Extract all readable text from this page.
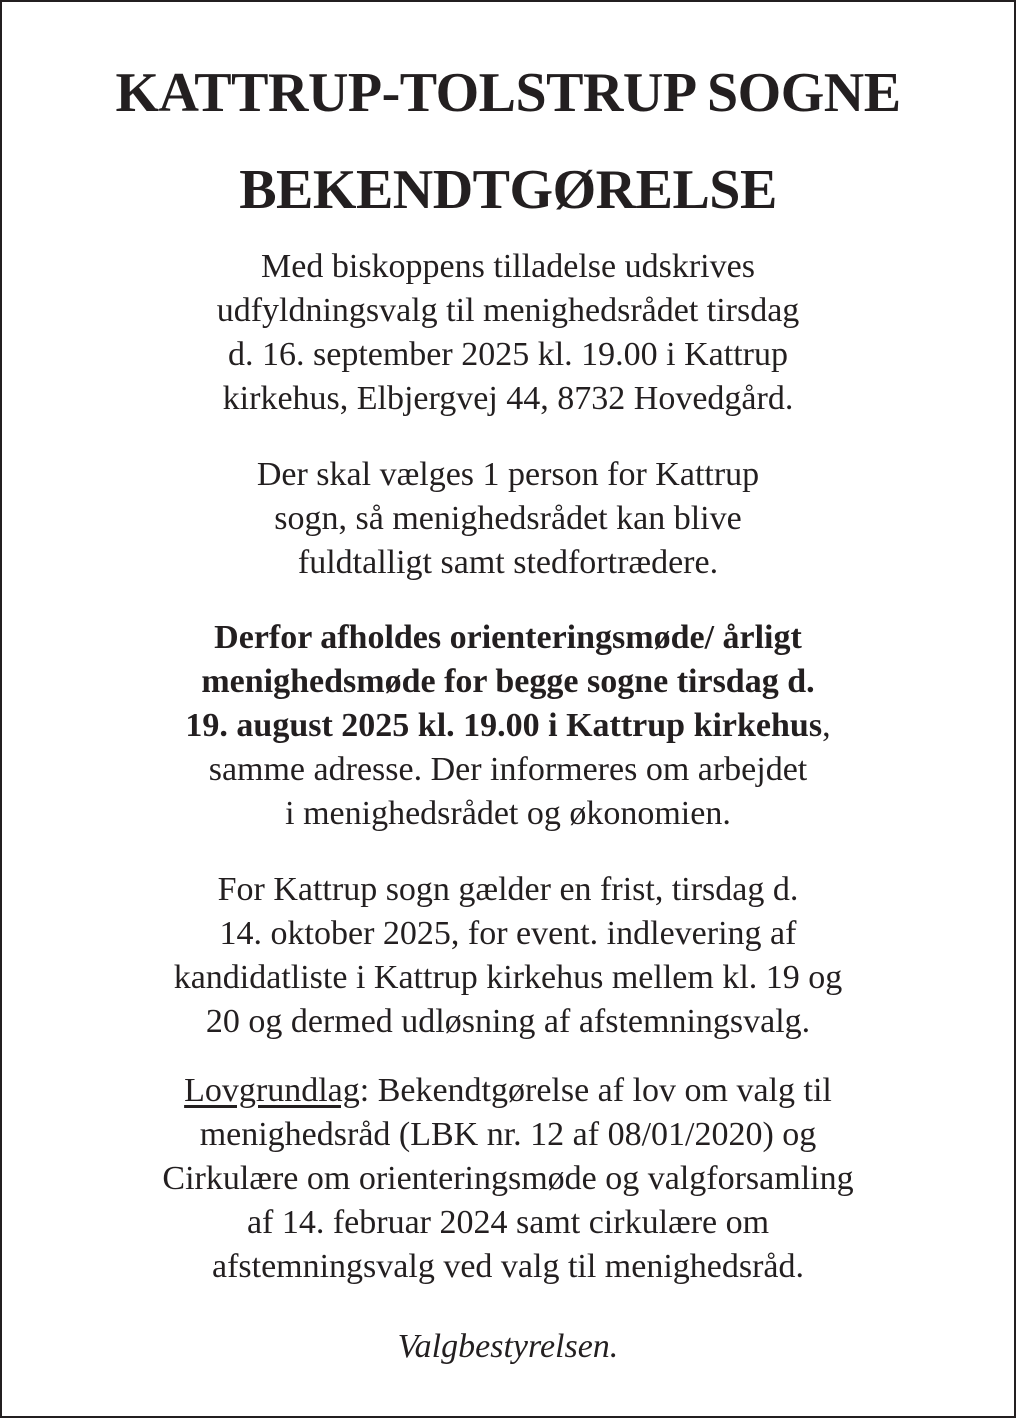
KATTRUP-TOLSTRUP SOGNE
BEKENDTGØRELSE

Med biskoppens tilladelse udskrives
udfyldningsvalg til menighedsrådet tirsdag
d. 16. september 2025 kl. 19.00 i Kattrup
kirkehus, Elbjergvej 44, 8732 Hovedgård.

Der skal vælges 1 person for Kattrup
sogn, så menighedsrådet kan blive
fuldtalligt samt stedfortrædere.

Derfor afholdes orienteringsmøde/ årligt
menighedsmøde for begge sogne tirsdag d.
19. august 2025 kl. 19.00 i Kattrup kirkehus,
samme adresse. Der informeres om arbejdet
i menighedsrådet og økonomien.

For Kattrup sogn gælder en frist, tirsdag d.
14. oktober 2025, for event. indlevering af
kandidatliste i Kattrup kirkehus mellem kl. 19 og
20 og dermed udløsning af afstemningsvalg.

Lovgrundlag: Bekendtgørelse af lov om valg til
menighedsråd (LBK nr. 12 af 08/01/2020) og
Cirkulære om orienteringsmøde og valgforsamling
af 14. februar 2024 samt cirkulære om
afstemningsvalg ved valg til menighedsråd.

Valgbestyrelsen.
